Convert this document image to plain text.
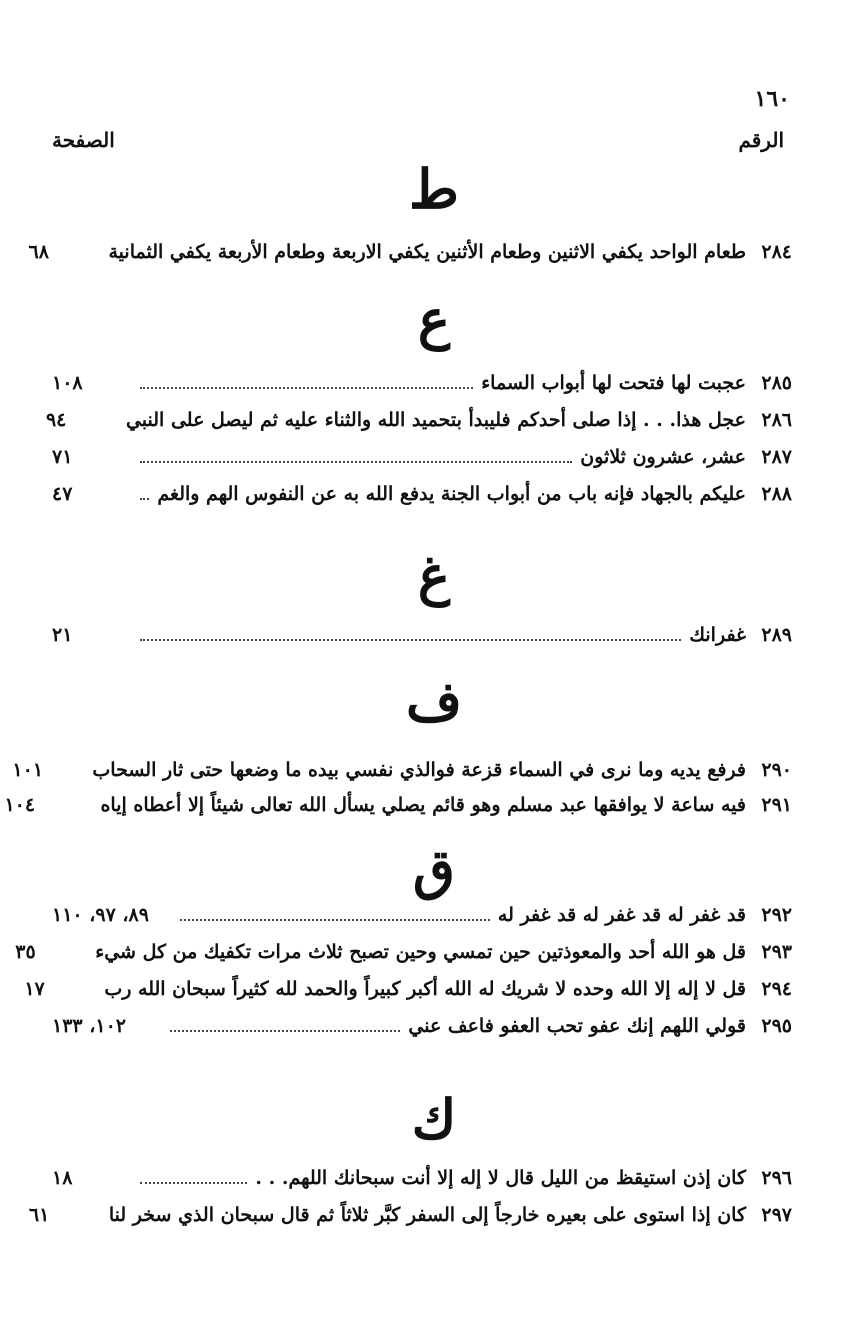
١٦٠
الرقم
الصفحة
ط
٢٨٤
طعام الواحد يكفي الاثنين وطعام الأثنين يكفي الاربعة وطعام الأربعة يكفي الثمانية
٦٨
ع
٢٨٥
عجبت لها فتحت لها أبواب السماء
١٠٨
٢٨٦
عجل هذا. . . إذا صلى أحدكم فليبدأ بتحميد الله والثناء عليه ثم ليصل على النبي
٩٤
٢٨٧
عشر، عشرون ثلاثون
٧١
٢٨٨
عليكم بالجهاد فإنه باب من أبواب الجنة يدفع الله به عن النفوس الهم والغم
٤٧
غ
٢٨٩
غفرانك
٢١
ف
٢٩٠
فرفع يديه وما نرى في السماء قزعة فوالذي نفسي بيده ما وضعها حتى ثار السحاب
١٠١
٢٩١
فيه ساعة لا يوافقها عبد مسلم وهو قائم يصلي يسأل الله تعالى شيئاً إلا أعطاه إياه
١٠٤
ق
٢٩٢
قد غفر له قد غفر له قد غفر له
٨٩، ٩٧، ١١٠
٢٩٣
قل هو الله أحد والمعوذتين حين تمسي وحين تصبح ثلاث مرات تكفيك من كل شيء
٣٥
٢٩٤
قل لا إله إلا الله وحده لا شريك له الله أكبر كبيراً والحمد لله كثيراً سبحان الله رب
١٧
٢٩٥
قولي اللهم إنك عفو تحب العفو فاعف عني
١٠٢، ١٣٣
ك
٢٩٦
كان إذن استيقظ من الليل قال لا إله إلا أنت سبحانك اللهم. . .
١٨
٢٩٧
كان إذا استوى على بعيره خارجاً إلى السفر كبَّر ثلاثاً ثم قال سبحان الذي سخر لنا
٦١
